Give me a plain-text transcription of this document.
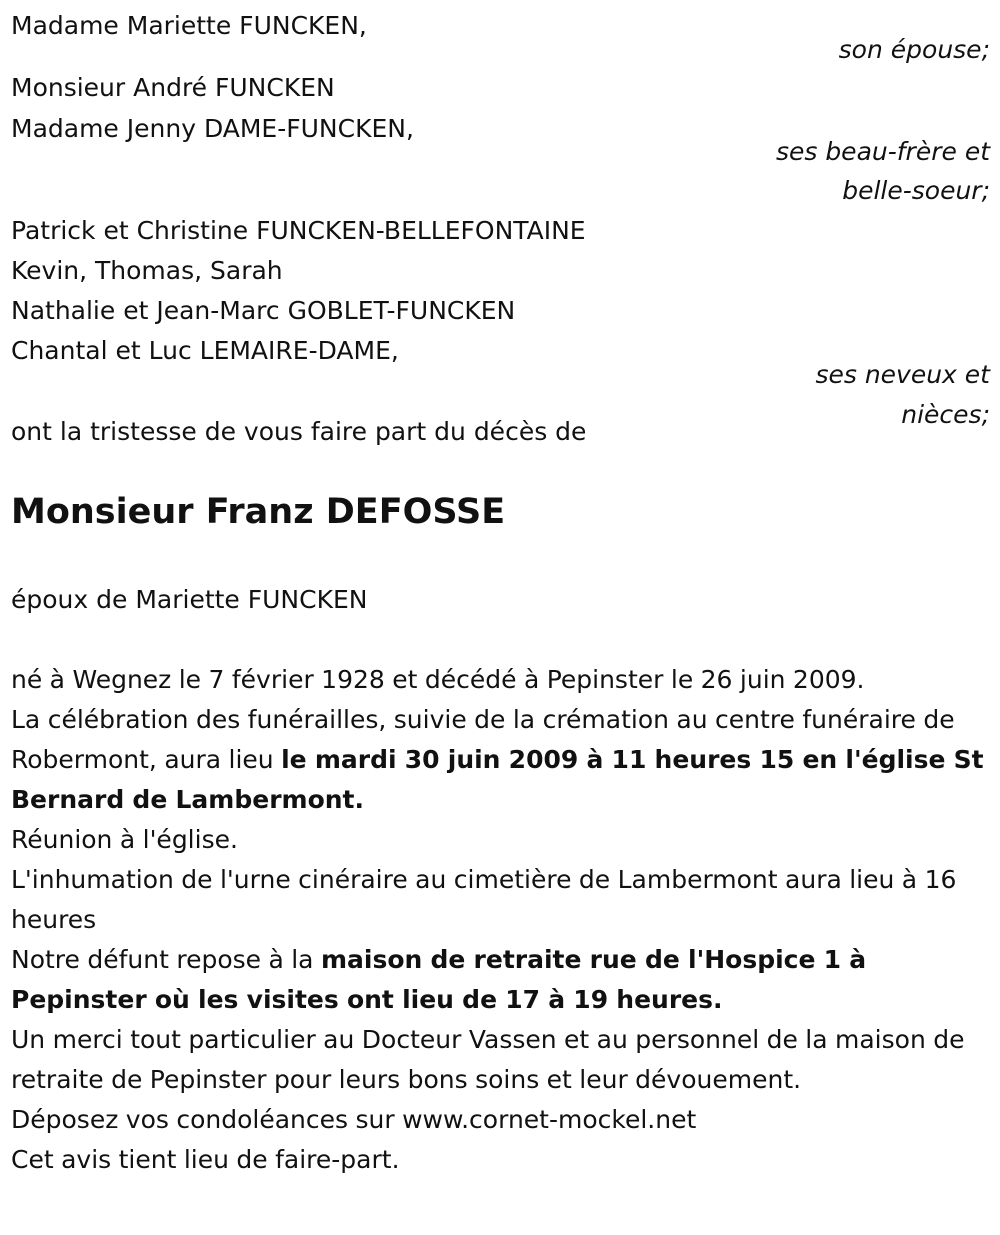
Madame Mariette FUNCKEN,
son épouse;
Monsieur André FUNCKEN
Madame Jenny DAME-FUNCKEN,
ses beau-frère et
belle-soeur;
Patrick et Christine FUNCKEN-BELLEFONTAINE
Kevin, Thomas, Sarah
Nathalie et Jean-Marc GOBLET-FUNCKEN
Chantal et Luc LEMAIRE-DAME,
ses neveux et
nièces;
ont la tristesse de vous faire part du décès de
Monsieur Franz DEFOSSE
époux de Mariette FUNCKEN
né à Wegnez le 7 février 1928 et décédé à Pepinster le 26 juin 2009.
La célébration des funérailles, suivie de la crémation au centre funéraire de Robermont, aura lieu le mardi 30 juin 2009 à 11 heures 15 en l'église St Bernard de Lambermont.
Réunion à l'église.
L'inhumation de l'urne cinéraire au cimetière de Lambermont aura lieu à 16 heures
Notre défunt repose à la maison de retraite rue de l'Hospice 1 à Pepinster où les visites ont lieu de 17 à 19 heures.
Un merci tout particulier au Docteur Vassen et au personnel de la maison de retraite de Pepinster pour leurs bons soins et leur dévouement.
Déposez vos condoléances sur www.cornet-mockel.net
Cet avis tient lieu de faire-part.
